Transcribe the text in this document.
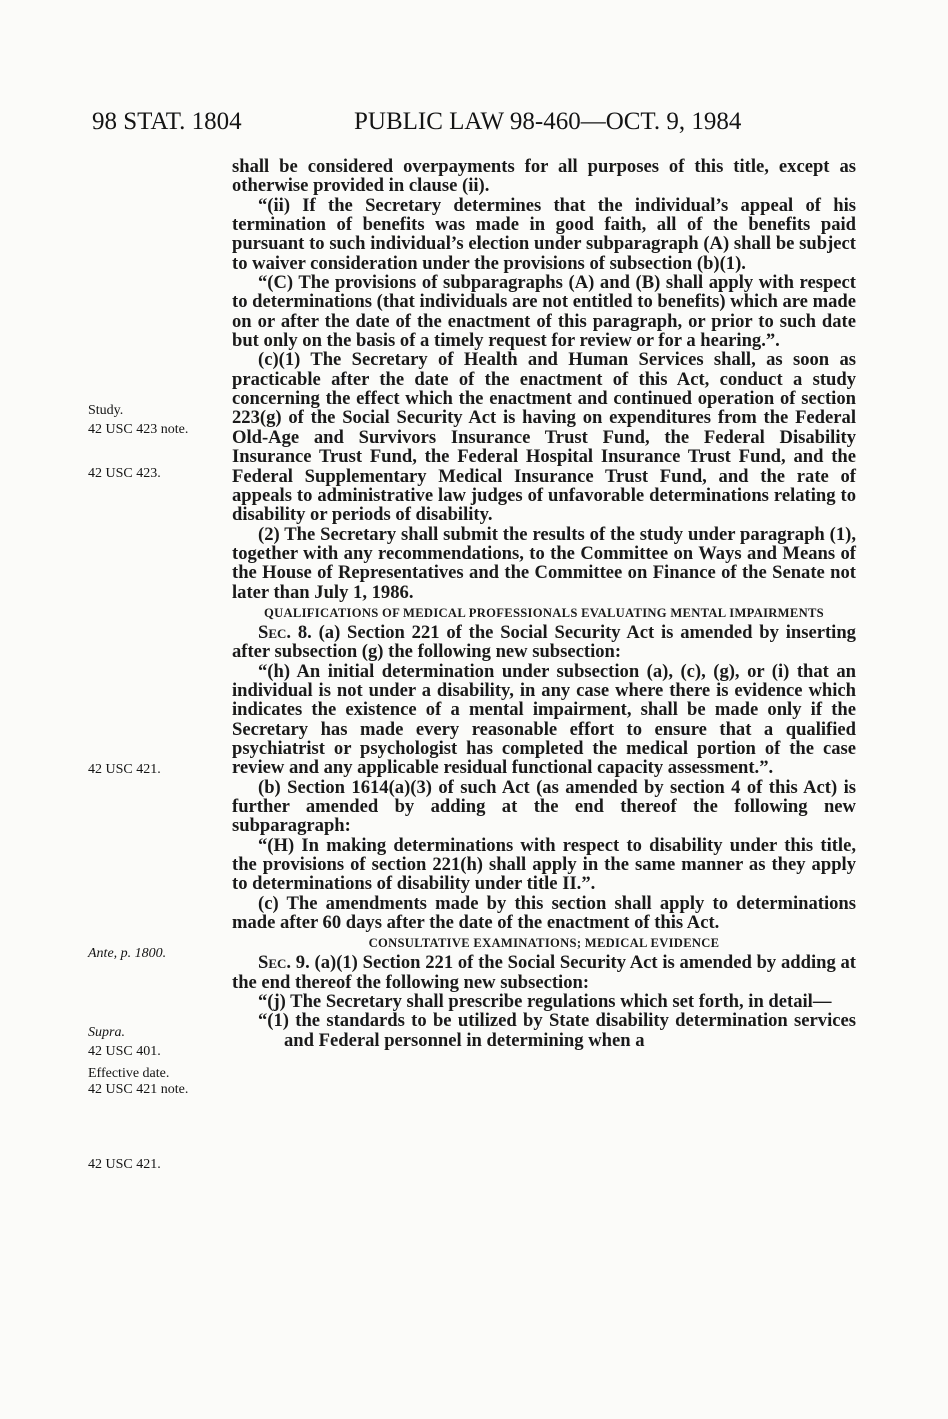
98 STAT. 1804	PUBLIC LAW 98-460—OCT. 9, 1984
Study.
42 USC 423 note.
42 USC 423.
42 USC 421.
Ante, p. 1800.
Supra.
42 USC 401.
Effective date.
42 USC 421 note.
42 USC 421.

shall be considered overpayments for all purposes of this title, except as otherwise provided in clause (ii).

“(ii) If the Secretary determines that the individual’s appeal of his termination of benefits was made in good faith, all of the benefits paid pursuant to such individual’s election under subparagraph (A) shall be subject to waiver consideration under the provisions of subsection (b)(1).

“(C) The provisions of subparagraphs (A) and (B) shall apply with respect to determinations (that individuals are not entitled to benefits) which are made on or after the date of the enactment of this paragraph, or prior to such date but only on the basis of a timely request for review or for a hearing.”.

(c)(1) The Secretary of Health and Human Services shall, as soon as practicable after the date of the enactment of this Act, conduct a study concerning the effect which the enactment and continued operation of section 223(g) of the Social Security Act is having on expenditures from the Federal Old-Age and Survivors Insurance Trust Fund, the Federal Disability Insurance Trust Fund, the Federal Hospital Insurance Trust Fund, and the Federal Supplementary Medical Insurance Trust Fund, and the rate of appeals to administrative law judges of unfavorable determinations relating to disability or periods of disability.

(2) The Secretary shall submit the results of the study under paragraph (1), together with any recommendations, to the Committee on Ways and Means of the House of Representatives and the Committee on Finance of the Senate not later than July 1, 1986.

QUALIFICATIONS OF MEDICAL PROFESSIONALS EVALUATING MENTAL IMPAIRMENTS

Sec. 8. (a) Section 221 of the Social Security Act is amended by inserting after subsection (g) the following new subsection:

“(h) An initial determination under subsection (a), (c), (g), or (i) that an individual is not under a disability, in any case where there is evidence which indicates the existence of a mental impairment, shall be made only if the Secretary has made every reasonable effort to ensure that a qualified psychiatrist or psychologist has completed the medical portion of the case review and any applicable residual functional capacity assessment.”.

(b) Section 1614(a)(3) of such Act (as amended by section 4 of this Act) is further amended by adding at the end thereof the following new subparagraph:

“(H) In making determinations with respect to disability under this title, the provisions of section 221(h) shall apply in the same manner as they apply to determinations of disability under title II.”.

(c) The amendments made by this section shall apply to determinations made after 60 days after the date of the enactment of this Act.

CONSULTATIVE EXAMINATIONS; MEDICAL EVIDENCE

Sec. 9. (a)(1) Section 221 of the Social Security Act is amended by adding at the end thereof the following new subsection:

“(j) The Secretary shall prescribe regulations which set forth, in detail—

“(1) the standards to be utilized by State disability determination services and Federal personnel in determining when a
